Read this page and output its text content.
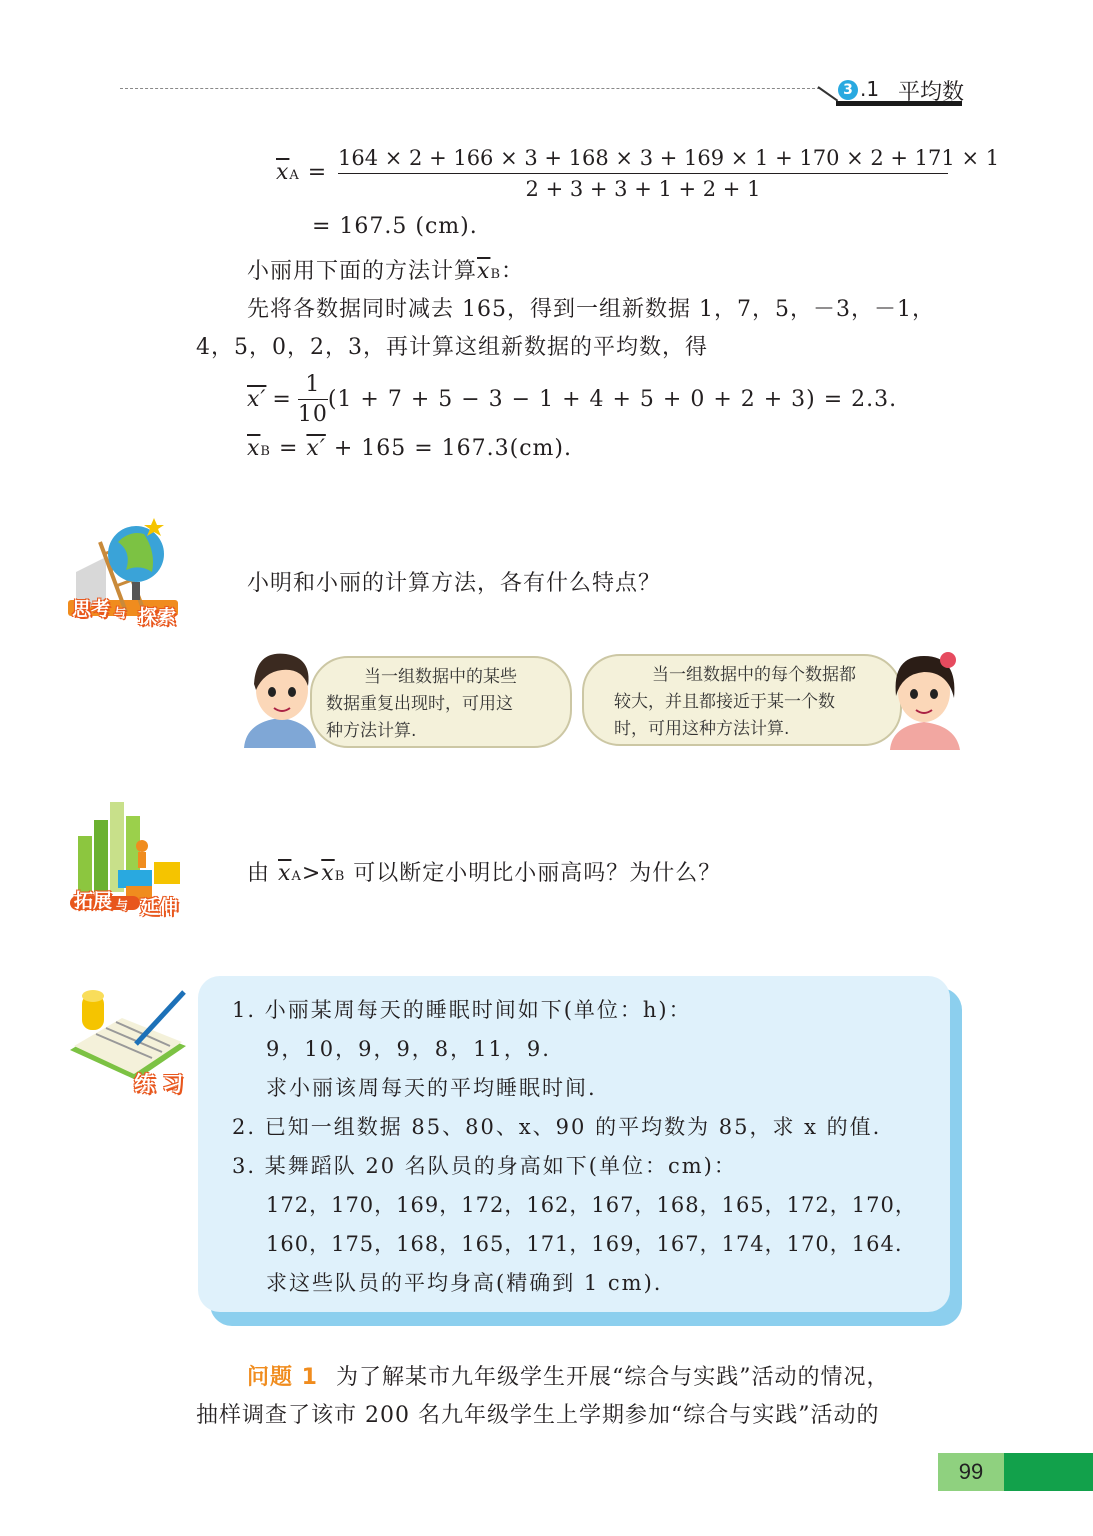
3 .1 平均数
$\overline{x}A = \frac{164 \times 2 + 166 \times 3 + 168 \times 3 + 169 \times 1 + 170 \times 2 + 171 \times 1}{2 + 3 + 3 + 1 + 2 + 1}$
= 167.5 (cm).
小丽用下面的方法计算$\overline{x}B$：
先将各数据同时减去 165，得到一组新数据 1，7，5，－3，－1，
4，5，0，2，3，再计算这组新数据的平均数，得
$x' = \frac{1}{10} (1 + 7 + 5 - 3 - 1 + 4 + 5 + 0 + 2 + 3) = 2.3$.
$\overline{x}B = x' + 165 = 167.3(cm)$.
思考 与 探索
小明和小丽的计算方法，各有什么特点？
当一组数据中的某些
数据重复出现时，可用这
种方法计算.
当一组数据中的每个数据都
较大，并且都接近于某一个数
时，可用这种方法计算.
拓展 与 延伸
由 $\overline{x}A>\overline{x}B$ 可以断定小明比小丽高吗？为什么？
练 习
1. 小丽某周每天的睡眠时间如下(单位：h)：
9，10，9，9，8，11，9.
求小丽该周每天的平均睡眠时间.
2. 已知一组数据 85、80、x、90 的平均数为 85，求 x 的值.
3. 某舞蹈队 20 名队员的身高如下(单位：cm)：
172，170，169，172，162，167，168，165，172，170，
160，175，168，165，171，169，167，174，170，164.
求这些队员的平均身高(精确到 1 cm).
问题 1 为了解某市九年级学生开展“综合与实践”活动的情况，
抽样调查了该市 200 名九年级学生上学期参加“综合与实践”活动的
99
